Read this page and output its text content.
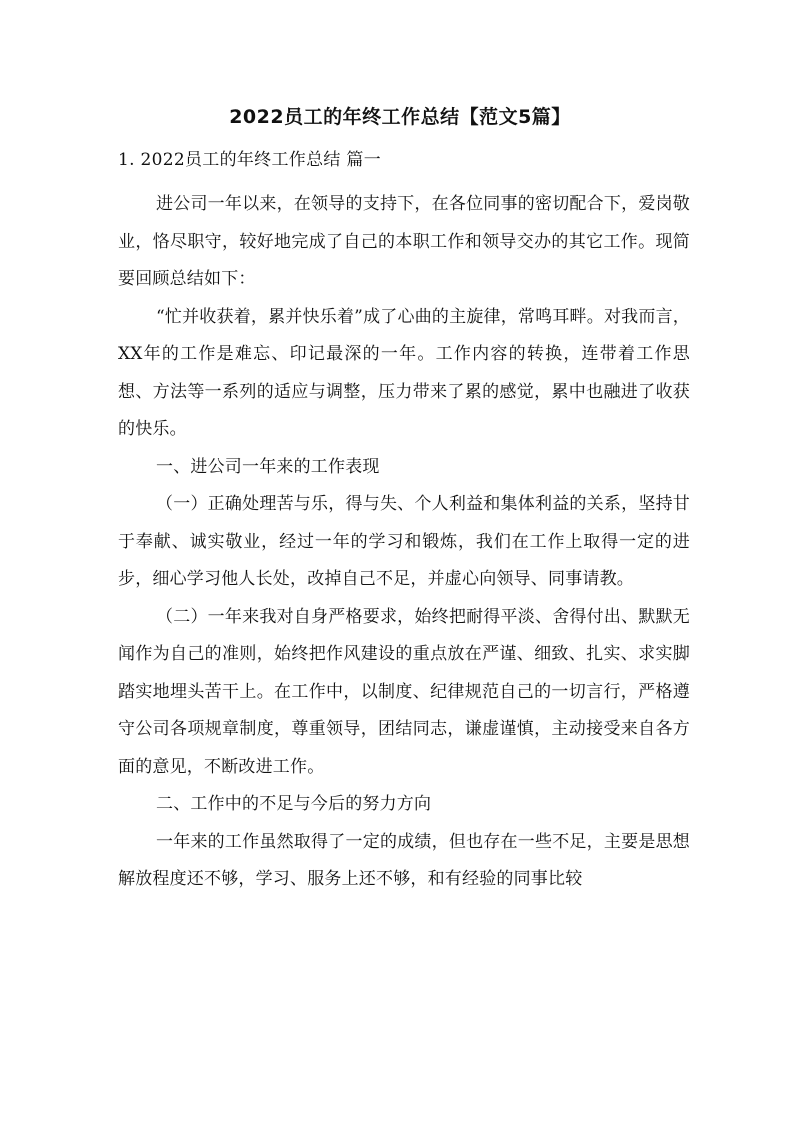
2022员工的年终工作总结【范文5篇】

1. 2022员工的年终工作总结 篇一

进公司一年以来，在领导的支持下，在各位同事的密切配合下，爱岗敬业，恪尽职守，较好地完成了自己的本职工作和领导交办的其它工作。现简要回顾总结如下：

“忙并收获着，累并快乐着”成了心曲的主旋律，常鸣耳畔。对我而言，XX年的工作是难忘、印记最深的一年。工作内容的转换，连带着工作思想、方法等一系列的适应与调整，压力带来了累的感觉，累中也融进了收获的快乐。

一、进公司一年来的工作表现

（一）正确处理苦与乐，得与失、个人利益和集体利益的关系，坚持甘于奉献、诚实敬业，经过一年的学习和锻炼，我们在工作上取得一定的进步，细心学习他人长处，改掉自己不足，并虚心向领导、同事请教。

（二）一年来我对自身严格要求，始终把耐得平淡、舍得付出、默默无闻作为自己的准则，始终把作风建设的重点放在严谨、细致、扎实、求实脚踏实地埋头苦干上。在工作中，以制度、纪律规范自己的一切言行，严格遵守公司各项规章制度，尊重领导，团结同志，谦虚谨慎，主动接受来自各方面的意见，不断改进工作。

二、工作中的不足与今后的努力方向

一年来的工作虽然取得了一定的成绩，但也存在一些不足，主要是思想解放程度还不够，学习、服务上还不够，和有经验的同事比较
